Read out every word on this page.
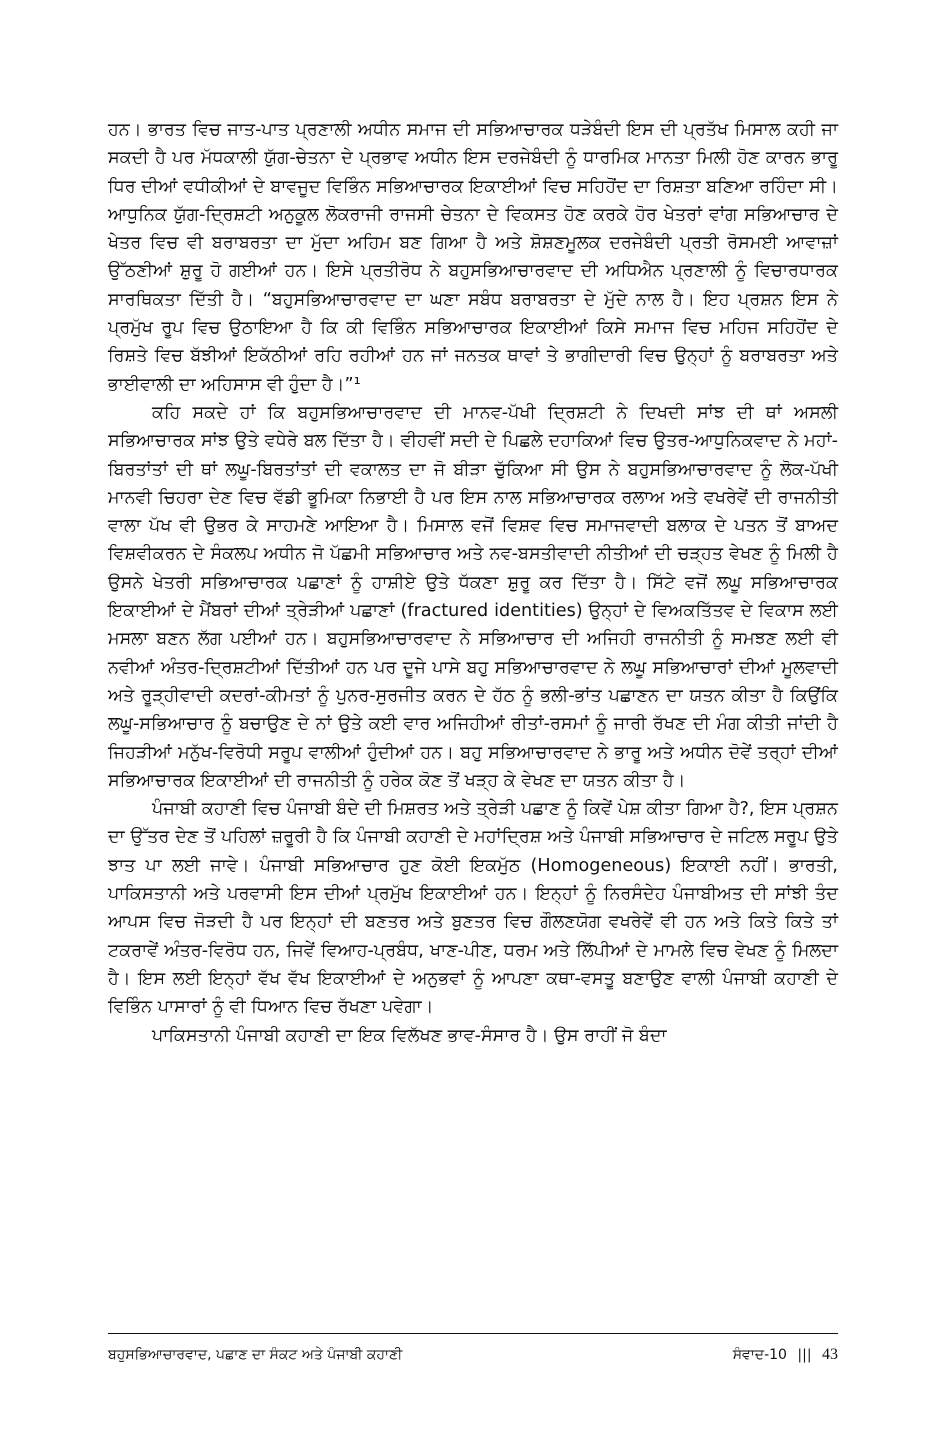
ਹਨ। ਭਾਰਤ ਵਿਚ ਜਾਤ-ਪਾਤ ਪ੍ਰਣਾਲੀ ਅਧੀਨ ਸਮਾਜ ਦੀ ਸਭਿਆਚਾਰਕ ਧੜੇਬੰਦੀ ਇਸ ਦੀ ਪ੍ਰਤੱਖ ਮਿਸਾਲ ਕਹੀ ਜਾ ਸਕਦੀ ਹੈ ਪਰ ਮੱਧਕਾਲੀ ਯੁੱਗ-ਚੇਤਨਾ ਦੇ ਪ੍ਰਭਾਵ ਅਧੀਨ ਇਸ ਦਰਜੇਬੰਦੀ ਨੂੰ ਧਾਰਮਿਕ ਮਾਨਤਾ ਮਿਲੀ ਹੋਣ ਕਾਰਨ ਭਾਰੂ ਧਿਰ ਦੀਆਂ ਵਧੀਕੀਆਂ ਦੇ ਬਾਵਜੂਦ ਵਿਭਿੰਨ ਸਭਿਆਚਾਰਕ ਇਕਾਈਆਂ ਵਿਚ ਸਹਿਹੋਂਦ ਦਾ ਰਿਸ਼ਤਾ ਬਣਿਆ ਰਹਿੰਦਾ ਸੀ। ਆਧੁਨਿਕ ਯੁੱਗ-ਦ੍ਰਿਸ਼ਟੀ ਅਨੁਕੂਲ ਲੋਕਰਾਜੀ ਰਾਜਸੀ ਚੇਤਨਾ ਦੇ ਵਿਕਸਤ ਹੋਣ ਕਰਕੇ ਹੋਰ ਖੇਤਰਾਂ ਵਾਂਗ ਸਭਿਆਚਾਰ ਦੇ ਖੇਤਰ ਵਿਚ ਵੀ ਬਰਾਬਰਤਾ ਦਾ ਮੁੱਦਾ ਅਹਿਮ ਬਣ ਗਿਆ ਹੈ ਅਤੇ ਸ਼ੋਸ਼ਣਮੂਲਕ ਦਰਜੇਬੰਦੀ ਪ੍ਰਤੀ ਰੋਸਮਈ ਆਵਾਜ਼ਾਂ ਉੱਠਣੀਆਂ ਸ਼ੁਰੂ ਹੋ ਗਈਆਂ ਹਨ। ਇਸੇ ਪ੍ਰਤੀਰੋਧ ਨੇ ਬਹੁਸਭਿਆਚਾਰਵਾਦ ਦੀ ਅਧਿਐਨ ਪ੍ਰਣਾਲੀ ਨੂੰ ਵਿਚਾਰਧਾਰਕ ਸਾਰਥਿਕਤਾ ਦਿੱਤੀ ਹੈ। “ਬਹੁਸਭਿਆਚਾਰਵਾਦ ਦਾ ਘਣਾ ਸਬੰਧ ਬਰਾਬਰਤਾ ਦੇ ਮੁੱਦੇ ਨਾਲ ਹੈ। ਇਹ ਪ੍ਰਸ਼ਨ ਇਸ ਨੇ ਪ੍ਰਮੁੱਖ ਰੂਪ ਵਿਚ ਉਠਾਇਆ ਹੈ ਕਿ ਕੀ ਵਿਭਿੰਨ ਸਭਿਆਚਾਰਕ ਇਕਾਈਆਂ ਕਿਸੇ ਸਮਾਜ ਵਿਚ ਮਹਿਜ ਸਹਿਹੋਂਦ ਦੇ ਰਿਸ਼ਤੇ ਵਿਚ ਬੱਝੀਆਂ ਇਕੱਠੀਆਂ ਰਹਿ ਰਹੀਆਂ ਹਨ ਜਾਂ ਜਨਤਕ ਥਾਵਾਂ ਤੇ ਭਾਗੀਦਾਰੀ ਵਿਚ ਉਨ੍ਹਾਂ ਨੂੰ ਬਰਾਬਰਤਾ ਅਤੇ ਭਾਈਵਾਲੀ ਦਾ ਅਹਿਸਾਸ ਵੀ ਹੁੰਦਾ ਹੈ।”¹

ਕਹਿ ਸਕਦੇ ਹਾਂ ਕਿ ਬਹੁਸਭਿਆਚਾਰਵਾਦ ਦੀ ਮਾਨਵ-ਪੱਖੀ ਦ੍ਰਿਸ਼ਟੀ ਨੇ ਦਿਖਦੀ ਸਾਂਝ ਦੀ ਥਾਂ ਅਸਲੀ ਸਭਿਆਚਾਰਕ ਸਾਂਝ ਉਤੇ ਵਧੇਰੇ ਬਲ ਦਿੱਤਾ ਹੈ। ਵੀਹਵੀਂ ਸਦੀ ਦੇ ਪਿਛਲੇ ਦਹਾਕਿਆਂ ਵਿਚ ਉਤਰ-ਆਧੁਨਿਕਵਾਦ ਨੇ ਮਹਾਂ-ਬਿਰਤਾਂਤਾਂ ਦੀ ਥਾਂ ਲਘੂ-ਬਿਰਤਾਂਤਾਂ ਦੀ ਵਕਾਲਤ ਦਾ ਜੋ ਬੀੜਾ ਚੁੱਕਿਆ ਸੀ ਉਸ ਨੇ ਬਹੁਸਭਿਆਚਾਰਵਾਦ ਨੂੰ ਲੋਕ-ਪੱਖੀ ਮਾਨਵੀ ਚਿਹਰਾ ਦੇਣ ਵਿਚ ਵੱਡੀ ਭੂਮਿਕਾ ਨਿਭਾਈ ਹੈ ਪਰ ਇਸ ਨਾਲ ਸਭਿਆਚਾਰਕ ਰਲਾਅ ਅਤੇ ਵਖਰੇਵੇਂ ਦੀ ਰਾਜਨੀਤੀ ਵਾਲਾ ਪੱਖ ਵੀ ਉਭਰ ਕੇ ਸਾਹਮਣੇ ਆਇਆ ਹੈ। ਮਿਸਾਲ ਵਜੋਂ ਵਿਸ਼ਵ ਵਿਚ ਸਮਾਜਵਾਦੀ ਬਲਾਕ ਦੇ ਪਤਨ ਤੋਂ ਬਾਅਦ ਵਿਸ਼ਵੀਕਰਨ ਦੇ ਸੰਕਲਪ ਅਧੀਨ ਜੋ ਪੱਛਮੀ ਸਭਿਆਚਾਰ ਅਤੇ ਨਵ-ਬਸਤੀਵਾਦੀ ਨੀਤੀਆਂ ਦੀ ਚੜ੍ਹਤ ਵੇਖਣ ਨੂੰ ਮਿਲੀ ਹੈ ਉਸਨੇ ਖੇਤਰੀ ਸਭਿਆਚਾਰਕ ਪਛਾਣਾਂ ਨੂੰ ਹਾਸ਼ੀਏ ਉਤੇ ਧੱਕਣਾ ਸ਼ੁਰੂ ਕਰ ਦਿੱਤਾ ਹੈ। ਸਿੱਟੇ ਵਜੋਂ ਲਘੂ ਸਭਿਆਚਾਰਕ ਇਕਾਈਆਂ ਦੇ ਮੈਂਬਰਾਂ ਦੀਆਂ ਤ੍ਰੇੜੀਆਂ ਪਛਾਣਾਂ (fractured identities) ਉਨ੍ਹਾਂ ਦੇ ਵਿਅਕਤਿੱਤਵ ਦੇ ਵਿਕਾਸ ਲਈ ਮਸਲਾ ਬਣਨ ਲੱਗ ਪਈਆਂ ਹਨ। ਬਹੁਸਭਿਆਚਾਰਵਾਦ ਨੇ ਸਭਿਆਚਾਰ ਦੀ ਅਜਿਹੀ ਰਾਜਨੀਤੀ ਨੂੰ ਸਮਝਣ ਲਈ ਵੀ ਨਵੀਆਂ ਅੰਤਰ-ਦ੍ਰਿਸ਼ਟੀਆਂ ਦਿੱਤੀਆਂ ਹਨ ਪਰ ਦੂਜੇ ਪਾਸੇ ਬਹੁ ਸਭਿਆਚਾਰਵਾਦ ਨੇ ਲਘੂ ਸਭਿਆਚਾਰਾਂ ਦੀਆਂ ਮੂਲਵਾਦੀ ਅਤੇ ਰੂੜ੍ਹੀਵਾਦੀ ਕਦਰਾਂ-ਕੀਮਤਾਂ ਨੂੰ ਪੁਨਰ-ਸੁਰਜੀਤ ਕਰਨ ਦੇ ਹੱਠ ਨੂੰ ਭਲੀ-ਭਾਂਤ ਪਛਾਣਨ ਦਾ ਯਤਨ ਕੀਤਾ ਹੈ ਕਿਉਂਕਿ ਲਘੂ-ਸਭਿਆਚਾਰ ਨੂੰ ਬਚਾਉਣ ਦੇ ਨਾਂ ਉਤੇ ਕਈ ਵਾਰ ਅਜਿਹੀਆਂ ਰੀਤਾਂ-ਰਸਮਾਂ ਨੂੰ ਜਾਰੀ ਰੱਖਣ ਦੀ ਮੰਗ ਕੀਤੀ ਜਾਂਦੀ ਹੈ ਜਿਹੜੀਆਂ ਮਨੁੱਖ-ਵਿਰੋਧੀ ਸਰੂਪ ਵਾਲੀਆਂ ਹੁੰਦੀਆਂ ਹਨ। ਬਹੁ ਸਭਿਆਚਾਰਵਾਦ ਨੇ ਭਾਰੂ ਅਤੇ ਅਧੀਨ ਦੋਵੇਂ ਤਰ੍ਹਾਂ ਦੀਆਂ ਸਭਿਆਚਾਰਕ ਇਕਾਈਆਂ ਦੀ ਰਾਜਨੀਤੀ ਨੂੰ ਹਰੇਕ ਕੋਣ ਤੋਂ ਖੜ੍ਹ ਕੇ ਵੇਖਣ ਦਾ ਯਤਨ ਕੀਤਾ ਹੈ।

ਪੰਜਾਬੀ ਕਹਾਣੀ ਵਿਚ ਪੰਜਾਬੀ ਬੰਦੇ ਦੀ ਮਿਸ਼ਰਤ ਅਤੇ ਤ੍ਰੇੜੀ ਪਛਾਣ ਨੂੰ ਕਿਵੇਂ ਪੇਸ਼ ਕੀਤਾ ਗਿਆ ਹੈ?, ਇਸ ਪ੍ਰਸ਼ਨ ਦਾ ਉੱਤਰ ਦੇਣ ਤੋਂ ਪਹਿਲਾਂ ਜ਼ਰੂਰੀ ਹੈ ਕਿ ਪੰਜਾਬੀ ਕਹਾਣੀ ਦੇ ਮਹਾਂਦ੍ਰਿਸ਼ ਅਤੇ ਪੰਜਾਬੀ ਸਭਿਆਚਾਰ ਦੇ ਜਟਿਲ ਸਰੂਪ ਉਤੇ ਝਾਤ ਪਾ ਲਈ ਜਾਵੇ। ਪੰਜਾਬੀ ਸਭਿਆਚਾਰ ਹੁਣ ਕੋਈ ਇਕਮੁੱਠ (Homogeneous) ਇਕਾਈ ਨਹੀਂ। ਭਾਰਤੀ, ਪਾਕਿਸਤਾਨੀ ਅਤੇ ਪਰਵਾਸੀ ਇਸ ਦੀਆਂ ਪ੍ਰਮੁੱਖ ਇਕਾਈਆਂ ਹਨ। ਇਨ੍ਹਾਂ ਨੂੰ ਨਿਰਸੰਦੇਹ ਪੰਜਾਬੀਅਤ ਦੀ ਸਾਂਝੀ ਤੰਦ ਆਪਸ ਵਿਚ ਜੋੜਦੀ ਹੈ ਪਰ ਇਨ੍ਹਾਂ ਦੀ ਬਣਤਰ ਅਤੇ ਬੁਣਤਰ ਵਿਚ ਗੌਲਣਯੋਗ ਵਖਰੇਵੇਂ ਵੀ ਹਨ ਅਤੇ ਕਿਤੇ ਕਿਤੇ ਤਾਂ ਟਕਰਾਵੇਂ ਅੰਤਰ-ਵਿਰੋਧ ਹਨ, ਜਿਵੇਂ ਵਿਆਹ-ਪ੍ਰਬੰਧ, ਖਾਣ-ਪੀਣ, ਧਰਮ ਅਤੇ ਲਿੱਪੀਆਂ ਦੇ ਮਾਮਲੇ ਵਿਚ ਵੇਖਣ ਨੂੰ ਮਿਲਦਾ ਹੈ। ਇਸ ਲਈ ਇਨ੍ਹਾਂ ਵੱਖ ਵੱਖ ਇਕਾਈਆਂ ਦੇ ਅਨੁਭਵਾਂ ਨੂੰ ਆਪਣਾ ਕਥਾ-ਵਸਤੂ ਬਣਾਉਣ ਵਾਲੀ ਪੰਜਾਬੀ ਕਹਾਣੀ ਦੇ ਵਿਭਿੰਨ ਪਾਸਾਰਾਂ ਨੂੰ ਵੀ ਧਿਆਨ ਵਿਚ ਰੱਖਣਾ ਪਵੇਗਾ।

ਪਾਕਿਸਤਾਨੀ ਪੰਜਾਬੀ ਕਹਾਣੀ ਦਾ ਇਕ ਵਿਲੱਖਣ ਭਾਵ-ਸੰਸਾਰ ਹੈ। ਉਸ ਰਾਹੀਂ ਜੋ ਬੰਦਾ

ਬਹੁਸਭਿਆਚਾਰਵਾਦ, ਪਛਾਣ ਦਾ ਸੰਕਟ ਅਤੇ ਪੰਜਾਬੀ ਕਹਾਣੀ	ਸੰਵਾਦ-10 ||| 43
